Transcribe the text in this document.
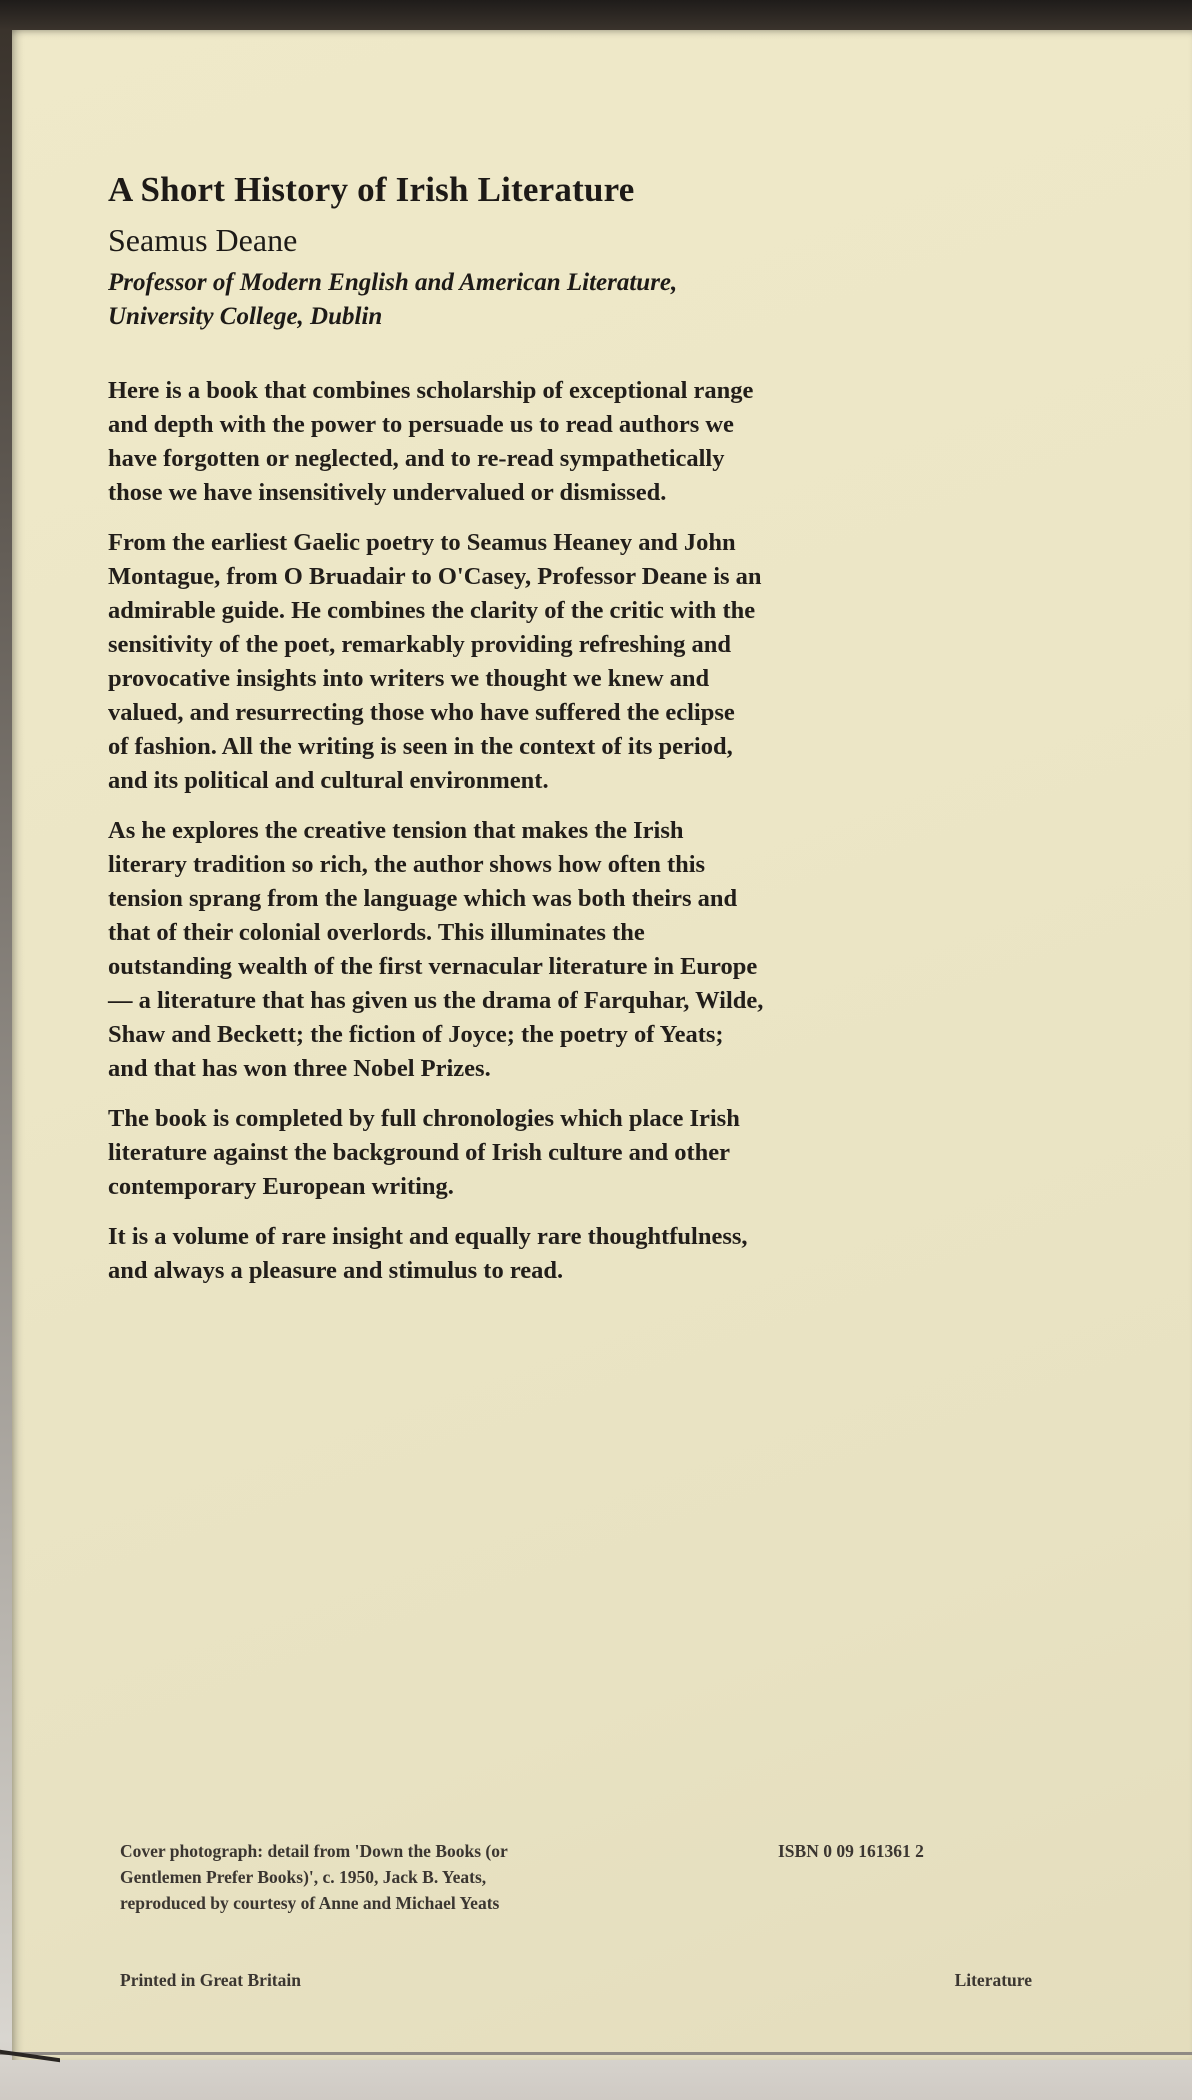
A Short History of Irish Literature
Seamus Deane
Professor of Modern English and American Literature,
University College, Dublin

Here is a book that combines scholarship of exceptional range
and depth with the power to persuade us to read authors we
have forgotten or neglected, and to re-read sympathetically
those we have insensitively undervalued or dismissed.

From the earliest Gaelic poetry to Seamus Heaney and John
Montague, from O Bruadair to O'Casey, Professor Deane is an
admirable guide. He combines the clarity of the critic with the
sensitivity of the poet, remarkably providing refreshing and
provocative insights into writers we thought we knew and
valued, and resurrecting those who have suffered the eclipse
of fashion. All the writing is seen in the context of its period,
and its political and cultural environment.

As he explores the creative tension that makes the Irish
literary tradition so rich, the author shows how often this
tension sprang from the language which was both theirs and
that of their colonial overlords. This illuminates the
outstanding wealth of the first vernacular literature in Europe
— a literature that has given us the drama of Farquhar, Wilde,
Shaw and Beckett; the fiction of Joyce; the poetry of Yeats;
and that has won three Nobel Prizes.

The book is completed by full chronologies which place Irish
literature against the background of Irish culture and other
contemporary European writing.

It is a volume of rare insight and equally rare thoughtfulness,
and always a pleasure and stimulus to read.

Cover photograph: detail from 'Down the Books (or
Gentlemen Prefer Books)', c. 1950, Jack B. Yeats,
reproduced by courtesy of Anne and Michael Yeats
ISBN 0 09 161361 2
Printed in Great Britain	Literature
